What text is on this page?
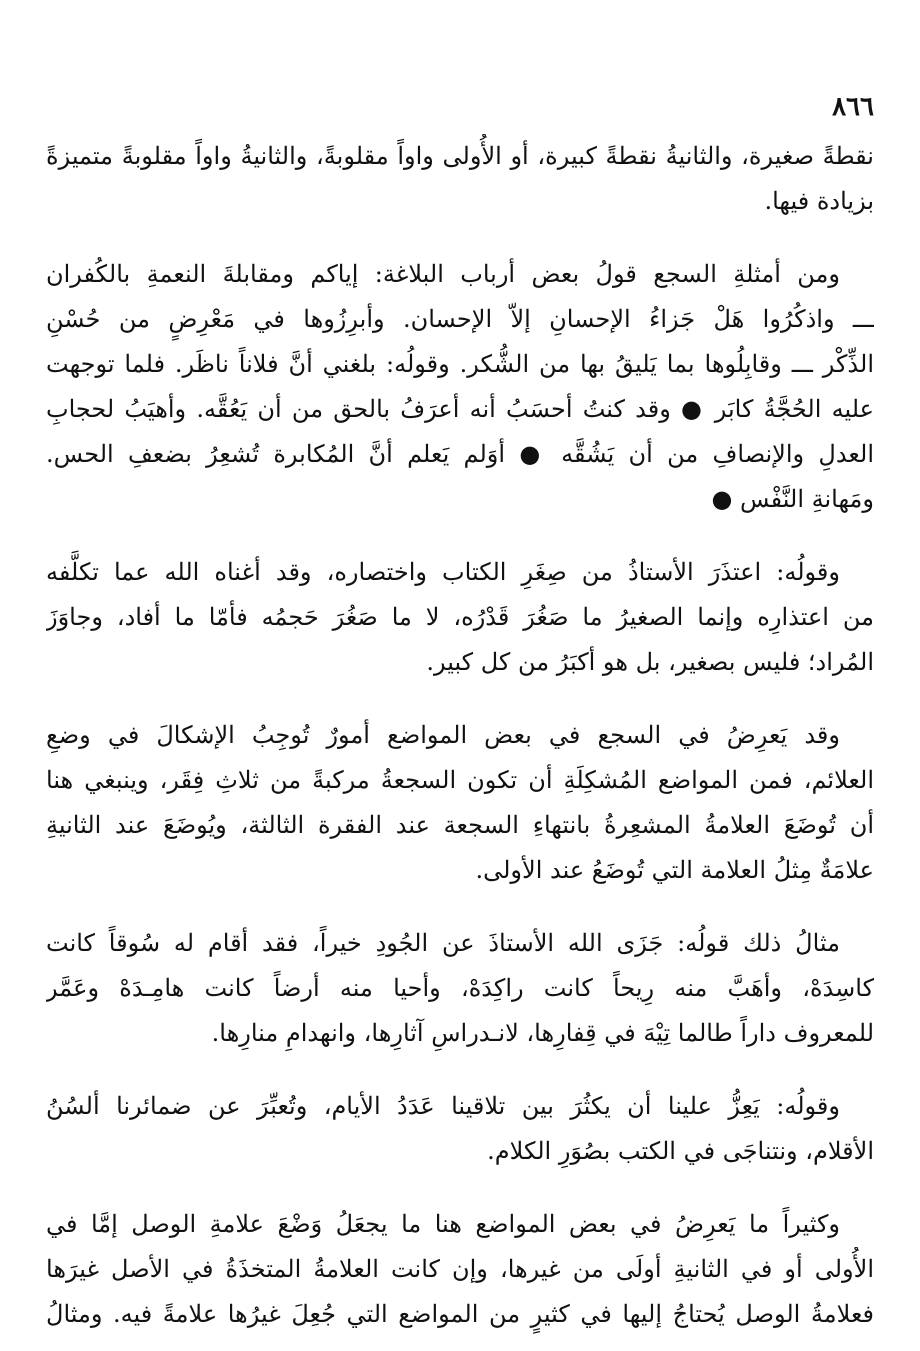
٨٦٦
نقطةً صغيرة، والثانيةُ نقطةً كبيرة، أو الأُولى واواً مقلوبةً، والثانيةُ واواً مقلوبةً متميزةً
بزيادة فيها.
ومن أمثلةِ السجع قولُ بعض أرباب البلاغة: إياكم ومقابلةَ النعمةِ بالكُفران
ـــ واذكُرُوا هَلْ جَزاءُ الإحسانِ إلاّ الإحسان. وأبرِزُوها في مَعْرِضٍ من حُسْنِ
الذِّكْر ـــ وقابِلُوها بما يَليقُ بها من الشُّكر. وقولُه: بلغني أنَّ فلاناً ناظَر. فلما توجهت
عليه الحُجَّةُ كابَر ● وقد كنتُ أحسَبُ أنه أعرَفُ بالحق من أن يَعُقَّه. وأهيَبُ لحجابِ
العدلِ والإنصافِ من أن يَشُقَّه ● أوَلم يَعلم أنَّ المُكابرة تُشعِرُ بضعفِ الحس.
ومَهانةِ النَّفْس ●
وقولُه: اعتذَرَ الأستاذُ من صِغَرِ الكتاب واختصاره، وقد أغناه الله عما تكلَّفه
من اعتذارِه وإنما الصغيرُ ما صَغُرَ قَدْرُه، لا ما صَغُرَ حَجمُه فأمّا ما أفاد، وجاوَزَ
المُراد؛ فليس بصغير، بل هو أكبَرُ من كل كبير.
وقد يَعرِضُ في السجع في بعض المواضع أمورٌ تُوجِبُ الإشكالَ في وضعِ
العلائم، فمن المواضع المُشكِلَةِ أن تكون السجعةُ مركبةً من ثلاثِ فِقَر، وينبغي هنا
أن تُوضَعَ العلامةُ المشعِرةُ بانتهاءِ السجعة عند الفقرة الثالثة، ويُوضَعَ عند الثانيةِ
علامَةٌ مِثلُ العلامة التي تُوضَعُ عند الأولى.
مثالُ ذلك قولُه: جَزَى الله الأستاذَ عن الجُودِ خيراً، فقد أقام له سُوقاً كانت
كاسِدَهْ، وأهَبَّ منه رِيحاً كانت راكِدَهْ، وأحيا منه أرضاً كانت هامِـدَهْ وعَمَّر
للمعروف داراً طالما تِيْهَ في قِفارِها، لانـدراسِ آثارِها، وانهدامِ منارِها.
وقولُه: يَعِزُّ علينا أن يكثُرَ بين تلاقينا عَدَدُ الأيام، وتُعبِّرَ عن ضمائرنا ألسُنُ
الأقلام، ونتناجَى في الكتب بصُوَرِ الكلام.
وكثيراً ما يَعرِضُ في بعض المواضع هنا ما يجعَلُ وَضْعَ علامةِ الوصل إمَّا في
الأُولى أو في الثانيةِ أولَى من غيرها، وإن كانت العلامةُ المتخذَةُ في الأصل غيرَها
فعلامةُ الوصل يُحتاجُ إليها في كثيرٍ من المواضع التي جُعِلَ غيرُها علامةً فيه. ومثالُ
